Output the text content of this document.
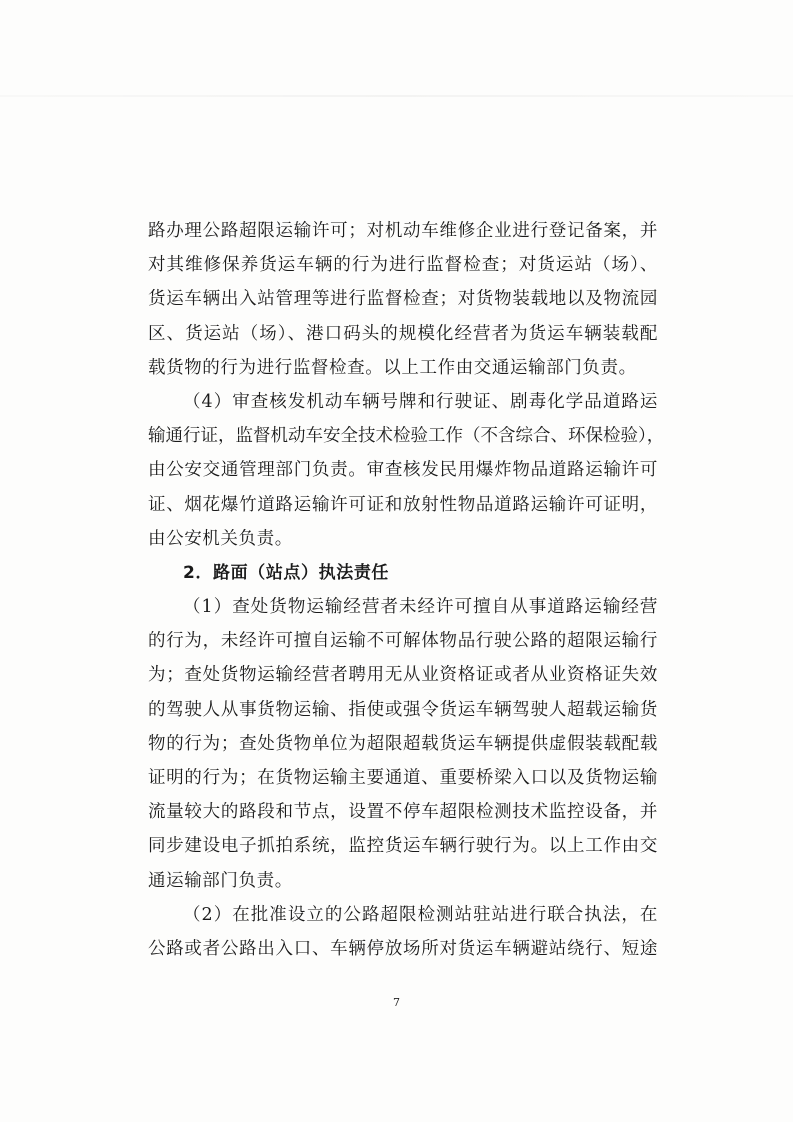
路办理公路超限运输许可；对机动车维修企业进行登记备案，并
对其维修保养货运车辆的行为进行监督检查；对货运站（场）、
货运车辆出入站管理等进行监督检查；对货物装载地以及物流园
区、货运站（场）、港口码头的规模化经营者为货运车辆装载配
载货物的行为进行监督检查。以上工作由交通运输部门负责。
（4）审查核发机动车辆号牌和行驶证、剧毒化学品道路运
输通行证，监督机动车安全技术检验工作（不含综合、环保检验），
由公安交通管理部门负责。审查核发民用爆炸物品道路运输许可
证、烟花爆竹道路运输许可证和放射性物品道路运输许可证明，
由公安机关负责。
2．路面（站点）执法责任
（1）查处货物运输经营者未经许可擅自从事道路运输经营
的行为，未经许可擅自运输不可解体物品行驶公路的超限运输行
为；查处货物运输经营者聘用无从业资格证或者从业资格证失效
的驾驶人从事货物运输、指使或强令货运车辆驾驶人超载运输货
物的行为；查处货物单位为超限超载货运车辆提供虚假装载配载
证明的行为；在货物运输主要通道、重要桥梁入口以及货物运输
流量较大的路段和节点，设置不停车超限检测技术监控设备，并
同步建设电子抓拍系统，监控货运车辆行驶行为。以上工作由交
通运输部门负责。
（2）在批准设立的公路超限检测站驻站进行联合执法，在
公路或者公路出入口、车辆停放场所对货运车辆避站绕行、短途
7
